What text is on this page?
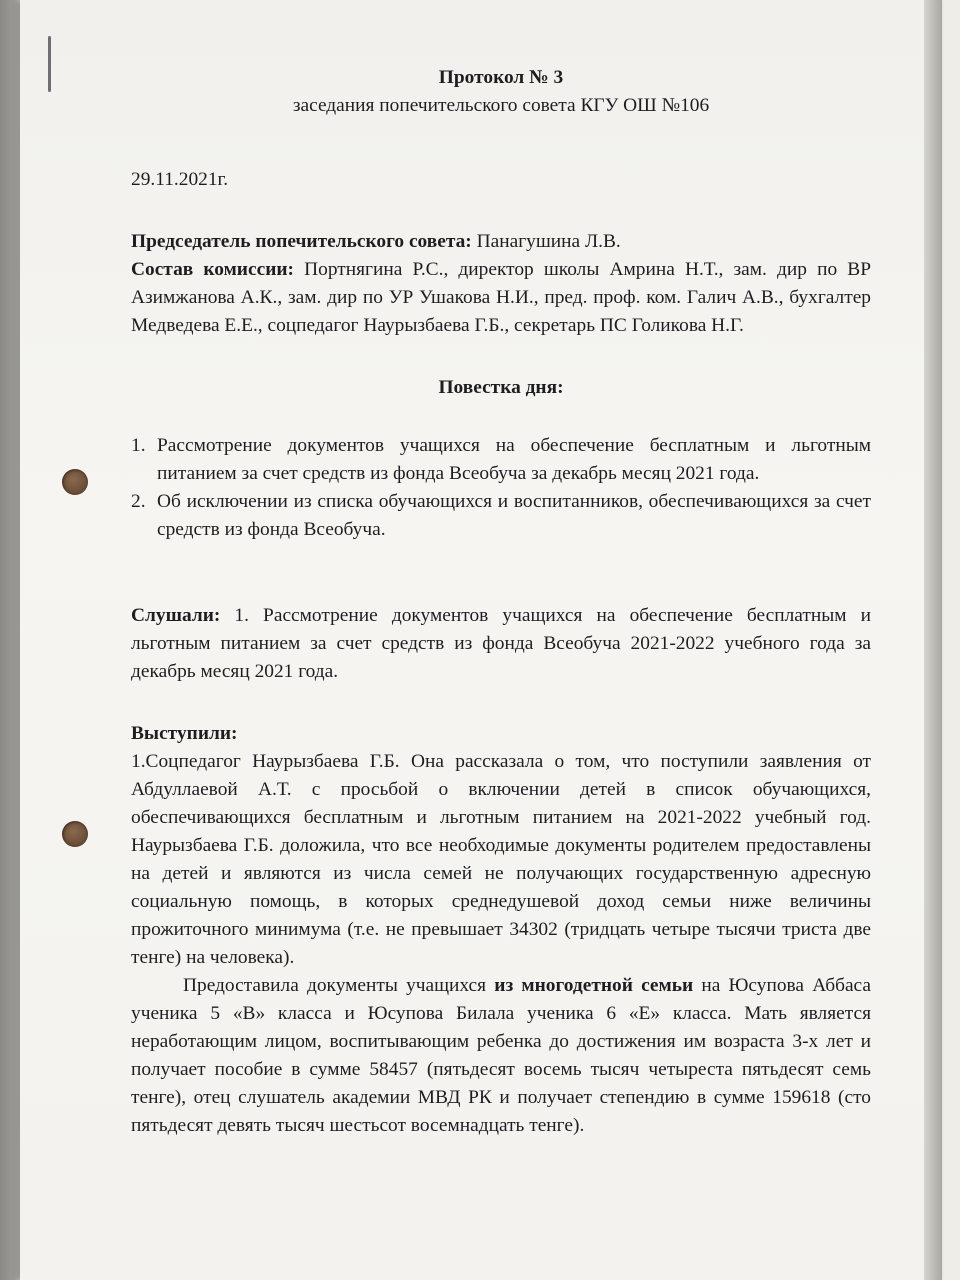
Протокол № 3

заседания попечительского совета КГУ ОШ №106

29.11.2021г.

Председатель попечительского совета: Панагушина Л.В.

Состав комиссии: Портнягина Р.С., директор школы Амрина Н.Т., зам. дир по ВР Азимжанова А.К., зам. дир по УР Ушакова Н.И., пред. проф. ком. Галич А.В., бухгалтер Медведева Е.Е., соцпедагог Наурызбаева Г.Б., секретарь ПС Голикова Н.Г.

Повестка дня:

1. Рассмотрение документов учащихся на обеспечение бесплатным и льготным питанием за счет средств из фонда Всеобуча за декабрь месяц 2021 года.
2. Об исключении из списка обучающихся и воспитанников, обеспечивающихся за счет средств из фонда Всеобуча.

Слушали: 1. Рассмотрение документов учащихся на обеспечение бесплатным и льготным питанием за счет средств из фонда Всеобуча 2021-2022 учебного года за декабрь месяц 2021 года.

Выступили:

1.Соцпедагог Наурызбаева Г.Б. Она рассказала о том, что поступили заявления от Абдуллаевой А.Т. с просьбой о включении детей в список обучающихся, обеспечивающихся бесплатным и льготным питанием на 2021-2022 учебный год. Наурызбаева Г.Б. доложила, что все необходимые документы родителем предоставлены на детей и являются из числа семей не получающих государственную адресную социальную помощь, в которых среднедушевой доход семьи ниже величины прожиточного минимума (т.е. не превышает 34302 (тридцать четыре тысячи триста две тенге) на человека).

Предоставила документы учащихся из многодетной семьи на Юсупова Аббаса ученика 5 «В» класса и Юсупова Билала ученика 6 «Е» класса. Мать является неработающим лицом, воспитывающим ребенка до достижения им возраста 3-х лет и получает пособие в сумме 58457 (пятьдесят восемь тысяч четыреста пятьдесят семь тенге), отец слушатель академии МВД РК и получает степендию в сумме 159618 (сто пятьдесят девять тысяч шестьсот восемнадцать тенге).
